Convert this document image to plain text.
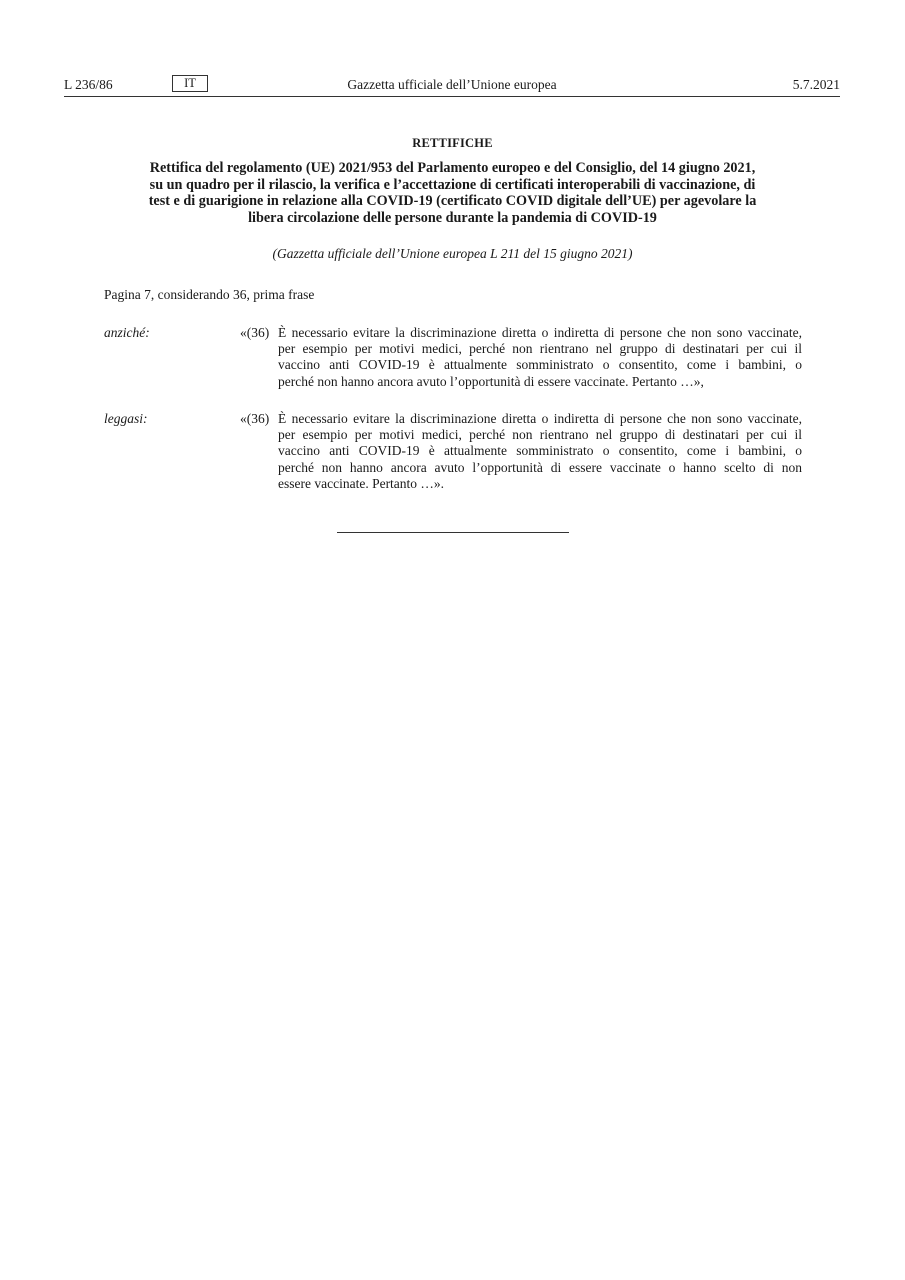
L 236/86	IT	Gazzetta ufficiale dell’Unione europea	5.7.2021
RETTIFICHE
Rettifica del regolamento (UE) 2021/953 del Parlamento europeo e del Consiglio, del 14 giugno 2021,
su un quadro per il rilascio, la verifica e l’accettazione di certificati interoperabili di vaccinazione, di
test e di guarigione in relazione alla COVID-19 (certificato COVID digitale dell’UE) per agevolare la
libera circolazione delle persone durante la pandemia di COVID-19
(Gazzetta ufficiale dell’Unione europea L 211 del 15 giugno 2021)
Pagina 7, considerando 36, prima frase
anziché:	«(36) È necessario evitare la discriminazione diretta o indiretta di persone che non sono vaccinate,
per esempio per motivi medici, perché non rientrano nel gruppo di destinatari per cui il
vaccino anti COVID-19 è attualmente somministrato o consentito, come i bambini, o
perché non hanno ancora avuto l’opportunità di essere vaccinate. Pertanto …»,
leggasi:	«(36) È necessario evitare la discriminazione diretta o indiretta di persone che non sono vaccinate,
per esempio per motivi medici, perché non rientrano nel gruppo di destinatari per cui il
vaccino anti COVID-19 è attualmente somministrato o consentito, come i bambini, o
perché non hanno ancora avuto l’opportunità di essere vaccinate o hanno scelto di non
essere vaccinate. Pertanto …».
